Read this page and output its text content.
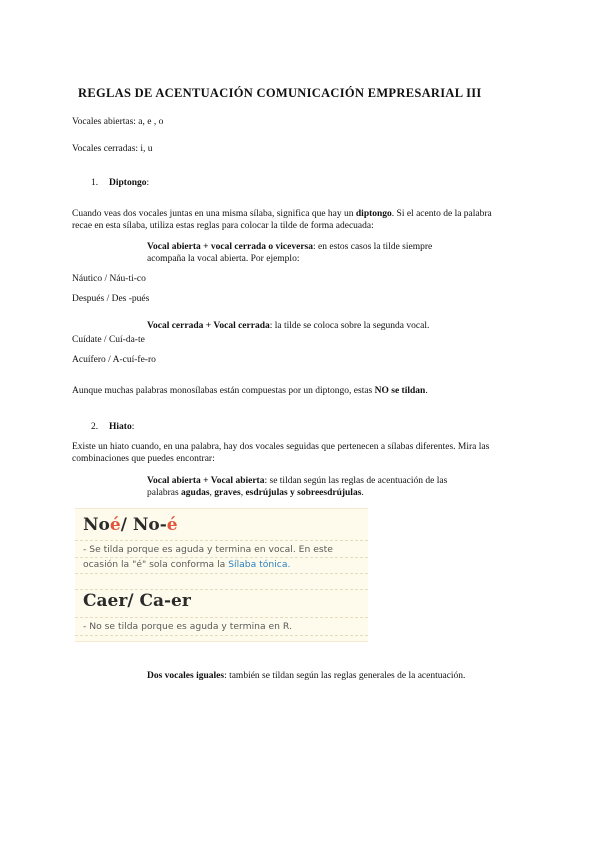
REGLAS DE ACENTUACIÓN COMUNICACIÓN EMPRESARIAL III
Vocales abiertas: a, e , o
Vocales cerradas: i, u
1. Diptongo:
Cuando veas dos vocales juntas en una misma sílaba, significa que hay un diptongo. Si el acento de la palabra
recae en esta sílaba, utiliza estas reglas para colocar la tilde de forma adecuada:
Vocal abierta + vocal cerrada o viceversa: en estos casos la tilde siempre
acompaña la vocal abierta. Por ejemplo:
Náutico / Náu-ti-co
Después / Des -pués
Vocal cerrada + Vocal cerrada: la tilde se coloca sobre la segunda vocal.
Cuídate / Cuí-da-te
Acuífero / A-cuí-fe-ro
Aunque muchas palabras monosílabas están compuestas por un diptongo, estas NO se tildan.
2. Hiato:
Existe un hiato cuando, en una palabra, hay dos vocales seguidas que pertenecen a sílabas diferentes. Mira las
combinaciones que puedes encontrar:
Vocal abierta + Vocal abierta: se tildan según las reglas de acentuación de las
palabras agudas, graves, esdrújulas y sobreesdrújulas.
Noé/ No-é
- Se tilda porque es aguda y termina en vocal. En este
ocasión la "é" sola conforma la Sílaba tónica.
Caer/ Ca-er
- No se tilda porque es aguda y termina en R.
Dos vocales iguales: también se tildan según las reglas generales de la acentuación.
